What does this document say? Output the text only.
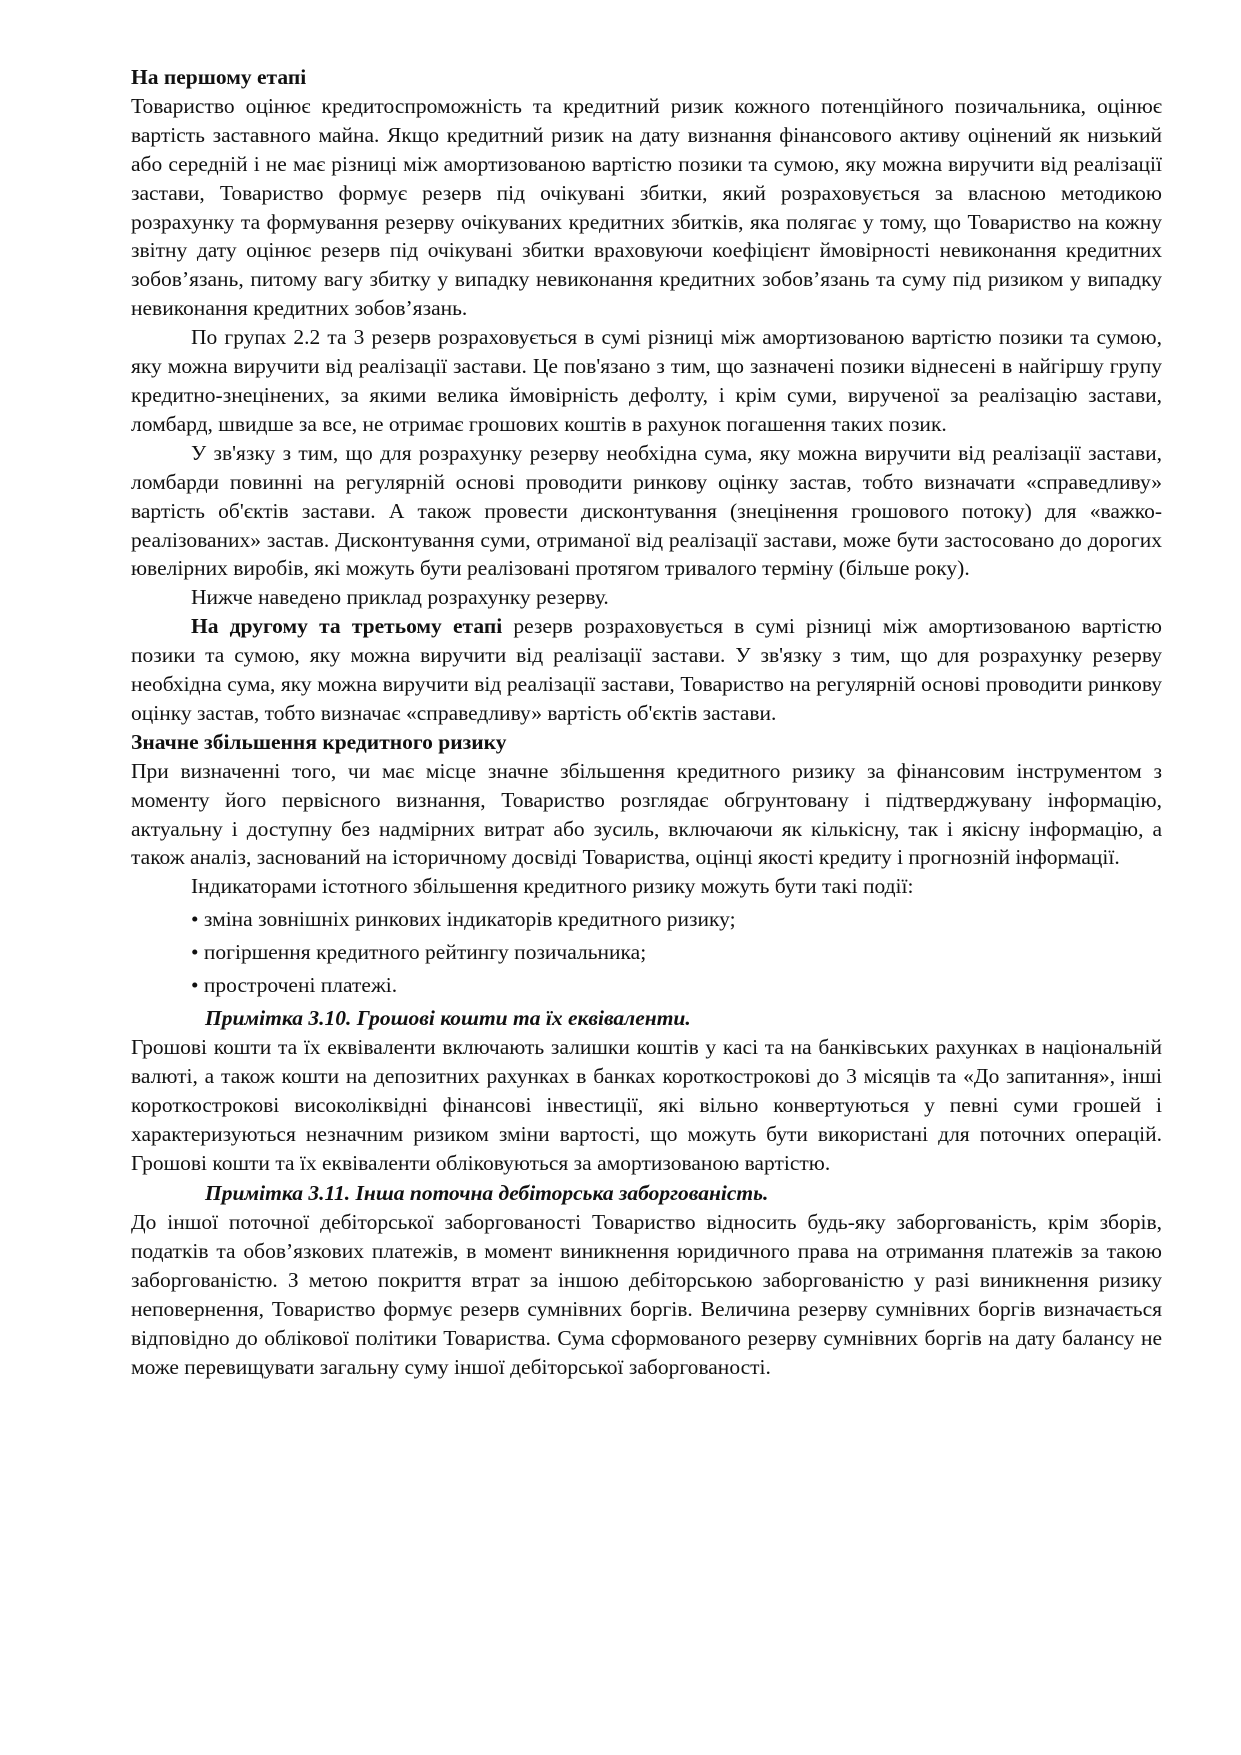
На першому етапі

Товариство оцінює кредитоспроможність та кредитний ризик кожного потенційного позичальника, оцінює вартість заставного майна. Якщо кредитний ризик на дату визнання фінансового активу оцінений як низький або середній і не має різниці між амортизованою вартістю позики та сумою, яку можна виручити від реалізації застави, Товариство формує резерв під очікувані збитки, який розраховується за власною методикою розрахунку та формування резерву очікуваних кредитних збитків, яка полягає у тому, що Товариство на кожну звітну дату оцінює резерв під очікувані збитки враховуючи коефіцієнт ймовірності невиконання кредитних зобов’язань, питому вагу збитку у випадку невиконання кредитних зобов’язань та суму під ризиком у випадку невиконання кредитних зобов’язань.

По групах 2.2 та 3 резерв розраховується в сумі різниці між амортизованою вартістю позики та сумою, яку можна виручити від реалізації застави. Це пов'язано з тим, що зазначені позики віднесені в найгіршу групу кредитно-знецінених, за якими велика ймовірність дефолту, і крім суми, вирученої за реалізацію застави, ломбард, швидше за все, не отримає грошових коштів в рахунок погашення таких позик.

У зв'язку з тим, що для розрахунку резерву необхідна сума, яку можна виручити від реалізації застави, ломбарди повинні на регулярній основі проводити ринкову оцінку застав, тобто визначати «справедливу» вартість об'єктів застави. А також провести дисконтування (знецінення грошового потоку) для «важко-реалізованих» застав. Дисконтування суми, отриманої від реалізації застави, може бути застосовано до дорогих ювелірних виробів, які можуть бути реалізовані протягом тривалого терміну (більше року).

Нижче наведено приклад розрахунку резерву.

На другому та третьому етапі резерв розраховується в сумі різниці між амортизованою вартістю позики та сумою, яку можна виручити від реалізації застави. У зв'язку з тим, що для розрахунку резерву необхідна сума, яку можна виручити від реалізації застави, Товариство на регулярній основі проводити ринкову оцінку застав, тобто визначає «справедливу» вартість об'єктів застави.

Значне збільшення кредитного ризику

При визначенні того, чи має місце значне збільшення кредитного ризику за фінансовим інструментом з моменту його первісного визнання, Товариство розглядає обгрунтовану і підтверджувану інформацію, актуальну і доступну без надмірних витрат або зусиль, включаючи як кількісну, так і якісну інформацію, а також аналіз, заснований на історичному досвіді Товариства, оцінці якості кредиту і прогнозній інформації.

Індикаторами істотного збільшення кредитного ризику можуть бути такі події:

• зміна зовнішніх ринкових індикаторів кредитного ризику;

• погіршення кредитного рейтингу позичальника;

• прострочені платежі.

Примітка 3.10. Грошові кошти та їх еквіваленти.

Грошові кошти та їх еквіваленти включають залишки коштів у касі та на банківських рахунках в національній валюті, а також кошти на депозитних рахунках в банках короткострокові до 3 місяців та «До запитання», інші короткострокові високоліквідні фінансові інвестиції, які вільно конвертуються у певні суми грошей і характеризуються незначним ризиком зміни вартості, що можуть бути використані для поточних операцій. Грошові кошти та їх еквіваленти обліковуються за амортизованою вартістю.

Примітка 3.11. Інша поточна дебіторська заборгованість.

До іншої поточної дебіторської заборгованості Товариство відносить будь-яку заборгованість, крім зборів, податків та обов’язкових платежів, в момент виникнення юридичного права на отримання платежів за такою заборгованістю. З метою покриття втрат за іншою дебіторською заборгованістю у разі виникнення ризику неповернення, Товариство формує резерв сумнівних боргів. Величина резерву сумнівних боргів визначається відповідно до облікової політики Товариства. Сума сформованого резерву сумнівних боргів на дату балансу не може перевищувати загальну суму іншої дебіторської заборгованості.
